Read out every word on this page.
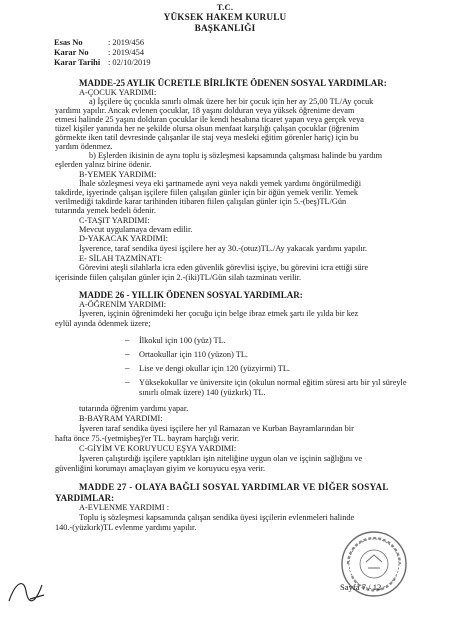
T.C.
YÜKSEK HAKEM KURULU
BAŞKANLIĞI
Esas No	: 2019/456
Karar No : 2019/454
Karar Tarihi : 02/10/2019
MADDE-25 AYLIK ÜCRETLE BİRLİKTE ÖDENEN SOSYAL YARDIMLAR:
A-ÇOCUK YARDIMI:
a) İşçilere üç çocukla sınırlı olmak üzere her bir çocuk için her ay 25,00 TL/Ay çocuk
yardımı yapılır. Ancak evlenen çocuklar, 18 yaşını dolduran veya yüksek öğrenime devam
etmesi halinde 25 yaşını dolduran çocuklar ile kendi hesabına ticaret yapan veya gerçek veya
tüzel kişiler yanında her ne şekilde olursa olsun menfaat karşılığı çalışan çocuklar (öğrenim
görmekte iken tatil devresinde çalışanlar ile staj veya mesleki eğitim görenler hariç) için bu
yardım ödenmez.
b) Eşlerden ikisinin de aynı toplu iş sözleşmesi kapsamında çalışması halinde bu yardım
eşlerden yalnız birine ödenir.
B-YEMEK YARDIMI:
İhale sözleşmesi veya eki şartnamede ayni veya nakdi yemek yardımı öngörülmediği
takdirde, işyerinde çalışan işçilere fiilen çalışılan günler için bir öğün yemek verilir. Yemek
verilmediği takdirde karar tarihinden itibaren fiilen çalışılan günler için 5.-(beş)TL/Gün
tutarında yemek bedeli ödenir.
C-TAŞIT YARDIMI:
Mevcut uygulamaya devam edilir.
D-YAKACAK YARDIMI:
İşverence, taraf sendika üyesi işçilere her ay 30.-(otuz)TL./Ay yakacak yardımı yapılır.
E- SİLAH TAZMİNATI:
Görevini ateşli silahlarla icra eden güvenlik görevlisi işçiye, bu görevini icra ettiği süre
içerisinde fiilen çalışılan günler için 2.-(iki)TL/Gün silah tazminatı verilir.
MADDE 26 - YILLIK ÖDENEN SOSYAL YARDIMLAR:
A-ÖĞRENİM YARDIMI:
İşveren, işçinin öğrenimdeki her çocuğu için belge ibraz etmek şartı ile yılda bir kez
eylül ayında ödenmek üzere;
– İlkokul için 100 (yüz) TL.
– Ortaokullar için 110 (yüzon) TL.
– Lise ve dengi okullar için 120 (yüzyirmi) TL.
– Yüksekokullar ve üniversite için (okulun normal eğitim süresi artı bir yıl süreyle
sınırlı olmak üzere) 140 (yüzkırk) TL.
tutarında öğrenim yardımı yapar.
B-BAYRAM YARDIMI:
İşveren taraf sendika üyesi işçilere her yıl Ramazan ve Kurban Bayramlarından bir
hafta önce 75.-(yetmişbeş)'er TL. bayram harçlığı verir.
C-GİYİM VE KORUYUCU EŞYA YARDIMI:
İşveren çalıştırdığı işçilere yaptıkları işin niteliğine uygun olan ve işçinin sağlığını ve
güvenliğini korumayı amaçlayan giyim ve koruyucu eşya verir.
MADDE 27 - OLAYA BAĞLI SOSYAL YARDIMLAR VE DİĞER SOSYAL
YARDIMLAR:
A-EVLENME YARDIMI :
Toplu iş sözleşmesi kapsamında çalışan sendika üyesi işçilerin evlenmeleri halinde
140.-(yüzkırk)TL evlenme yardımı yapılır.
Sayfa 7 / 12
